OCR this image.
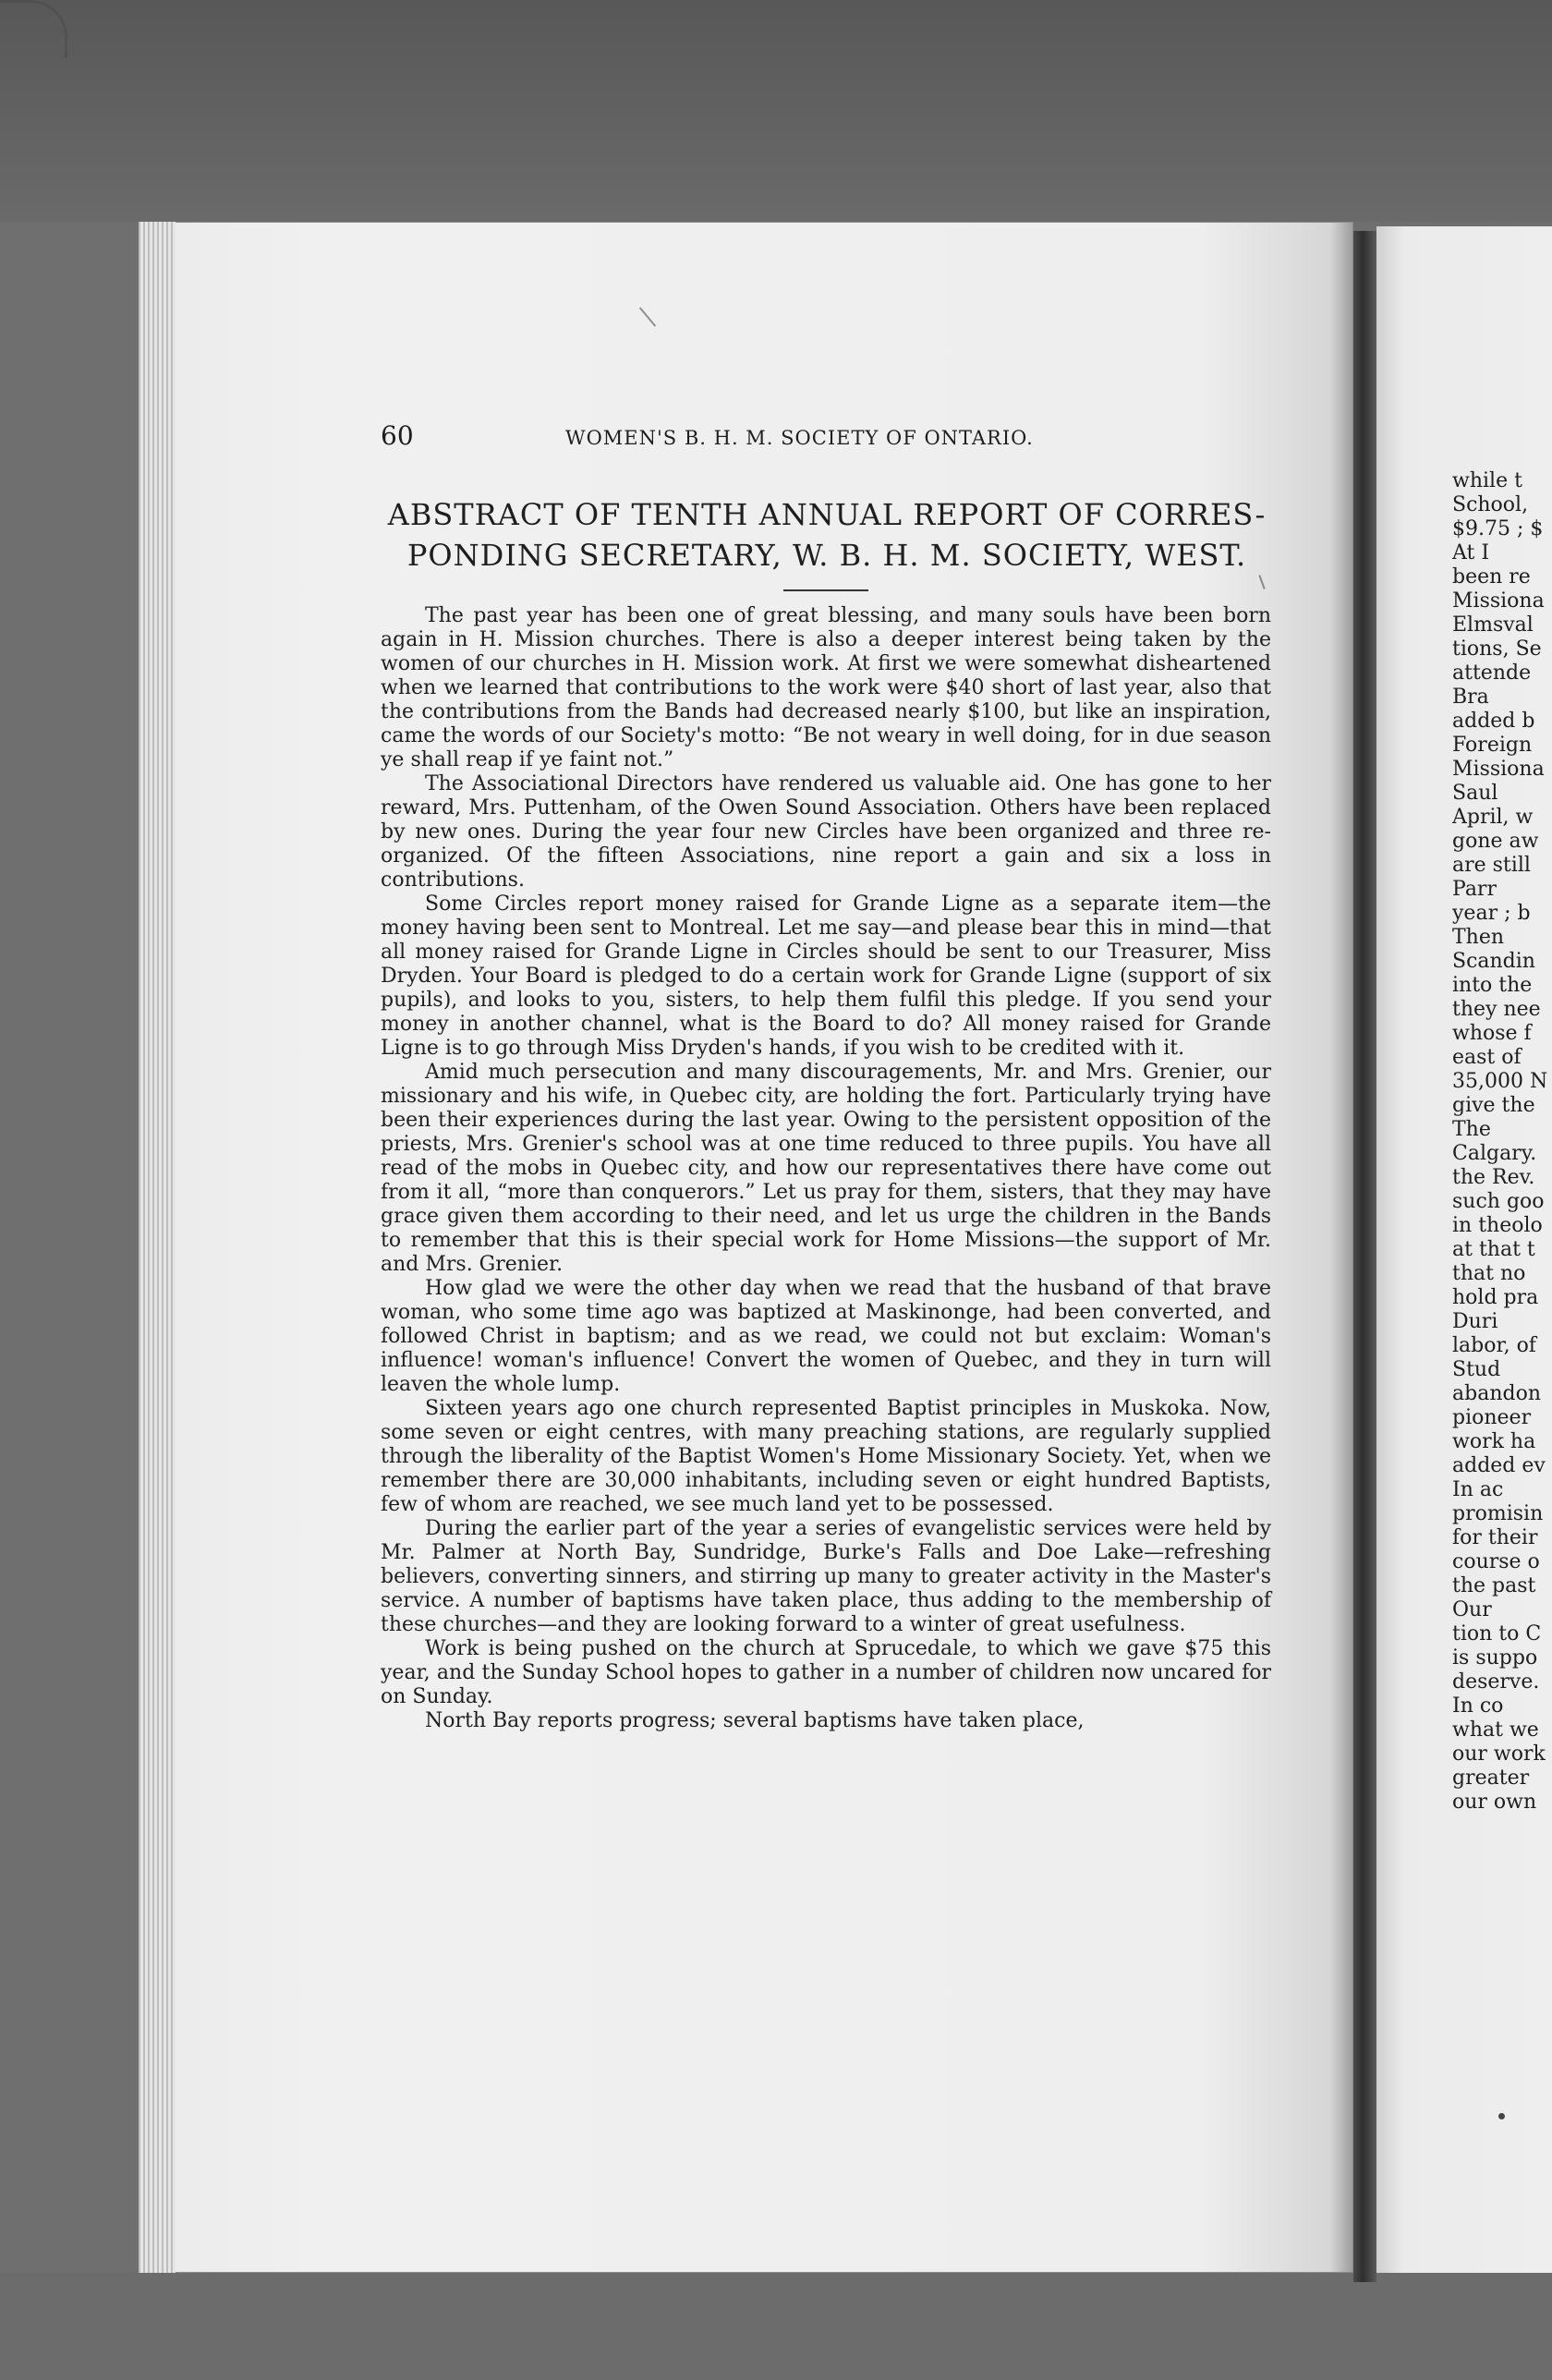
60	WOMEN'S B. H. M. SOCIETY OF ONTARIO.
ABSTRACT OF TENTH ANNUAL REPORT OF CORRES-
PONDING SECRETARY, W. B. H. M. SOCIETY, WEST.

The past year has been one of great blessing, and many souls have been born again in H. Mission churches. There is also a deeper interest being taken by the women of our churches in H. Mission work. At first we were somewhat disheartened when we learned that contributions to the work were $40 short of last year, also that the contributions from the Bands had decreased nearly $100, but like an inspiration, came the words of our Society's motto: “Be not weary in well doing, for in due season ye shall reap if ye faint not.”

The Associational Directors have rendered us valuable aid. One has gone to her reward, Mrs. Puttenham, of the Owen Sound Association. Others have been replaced by new ones. During the year four new Circles have been organized and three re-organized. Of the fifteen Associations, nine report a gain and six a loss in contributions.

Some Circles report money raised for Grande Ligne as a separate item—the money having been sent to Montreal. Let me say—and please bear this in mind—that all money raised for Grande Ligne in Circles should be sent to our Treasurer, Miss Dryden. Your Board is pledged to do a certain work for Grande Ligne (support of six pupils), and looks to you, sisters, to help them fulfil this pledge. If you send your money in another channel, what is the Board to do? All money raised for Grande Ligne is to go through Miss Dryden's hands, if you wish to be credited with it.

Amid much persecution and many discouragements, Mr. and Mrs. Grenier, our missionary and his wife, in Quebec city, are holding the fort. Particularly trying have been their experiences during the last year. Owing to the persistent opposition of the priests, Mrs. Grenier's school was at one time reduced to three pupils. You have all read of the mobs in Quebec city, and how our representatives there have come out from it all, “more than conquerors.” Let us pray for them, sisters, that they may have grace given them according to their need, and let us urge the children in the Bands to remember that this is their special work for Home Missions—the support of Mr. and Mrs. Grenier.

How glad we were the other day when we read that the husband of that brave woman, who some time ago was baptized at Maskinonge, had been converted, and followed Christ in baptism; and as we read, we could not but exclaim: Woman's influence! woman's influence! Convert the women of Quebec, and they in turn will leaven the whole lump.

Sixteen years ago one church represented Baptist principles in Muskoka. Now, some seven or eight centres, with many preaching stations, are regularly supplied through the liberality of the Baptist Women's Home Missionary Society. Yet, when we remember there are 30,000 inhabitants, including seven or eight hundred Baptists, few of whom are reached, we see much land yet to be possessed.

During the earlier part of the year a series of evangelistic services were held by Mr. Palmer at North Bay, Sundridge, Burke's Falls and Doe Lake—refreshing believers, converting sinners, and stirring up many to greater activity in the Master's service. A number of baptisms have taken place, thus adding to the membership of these churches—and they are looking forward to a winter of great usefulness.

Work is being pushed on the church at Sprucedale, to which we gave $75 this year, and the Sunday School hopes to gather in a number of children now uncared for on Sunday.

North Bay reports progress; several baptisms have taken place,

while t
School,
$9.75 ; $
At I
been re
Missiona
Elmsval
tions, Se
attende
Bra
added b
Foreign
Missiona
Saul
April, w
gone aw
are still
Parr
year ; b
Then
Scandin
into the
they nee
whose f
east of
35,000 N
give the
The
Calgary.
the Rev.
such goo
in theolo
at that t
that no
hold pra
Duri
labor, of
Stud
abandon
pioneer
work ha
added ev
In ac
promisin
for their
course o
the past
Our
tion to C
is suppo
deserve.
In co
what we
our work
greater
our own
